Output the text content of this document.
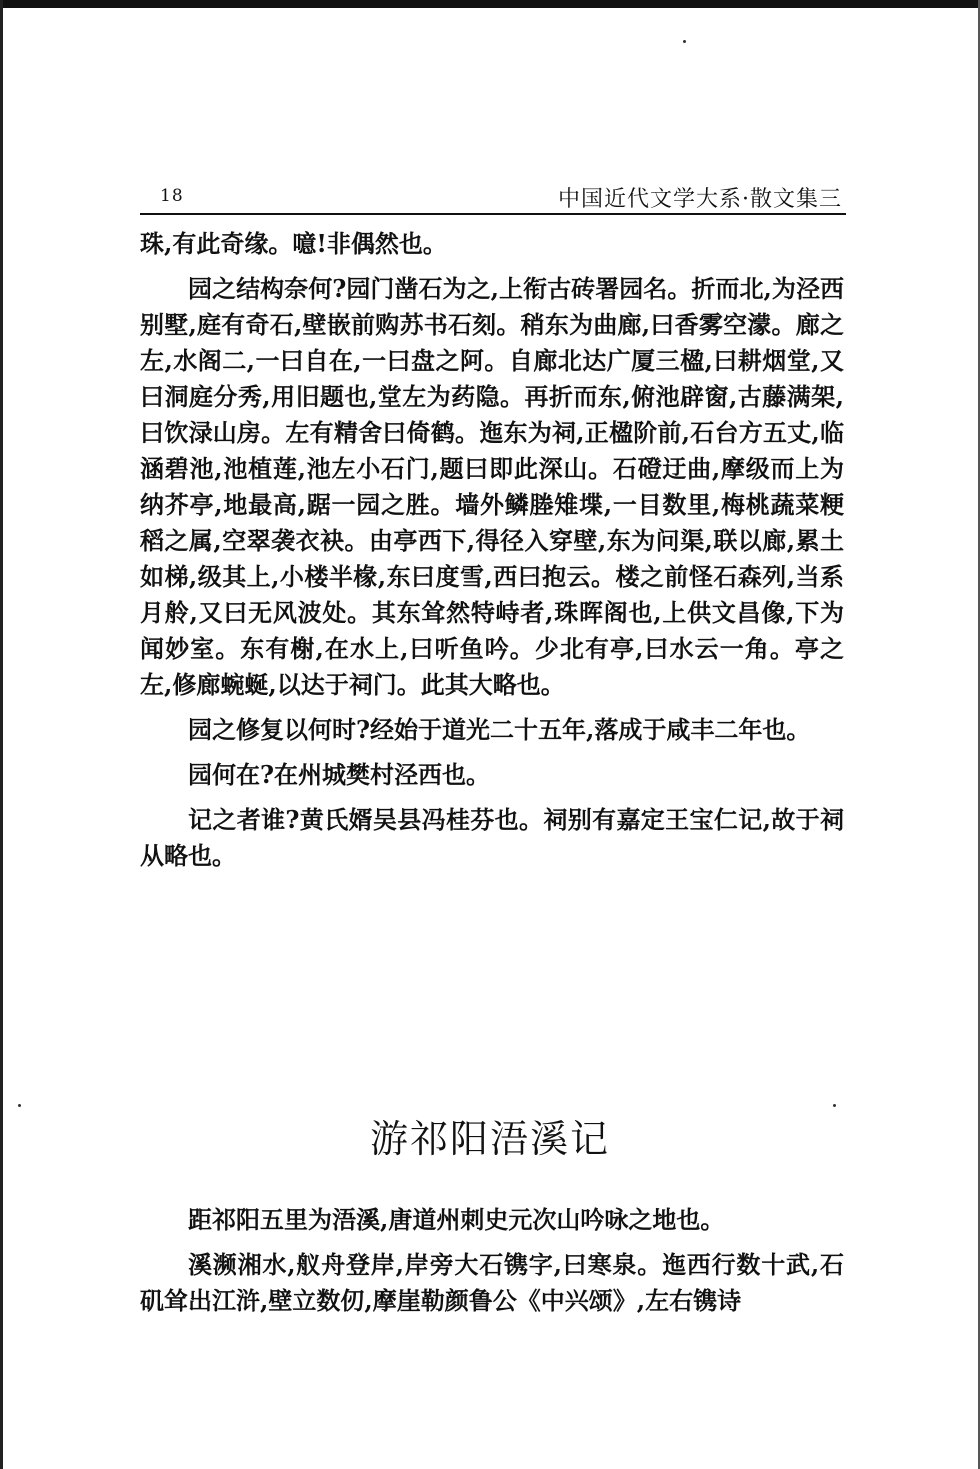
18	中国近代文学大系·散文集三

珠,有此奇缘。噫!非偶然也。

园之结构奈何?园门凿石为之,上衔古砖署园名。折而北,为泾西别墅,庭有奇石,壁嵌前购苏书石刻。稍东为曲廊,曰香雾空濛。廊之左,水阁二,一曰自在,一曰盘之阿。自廊北达广厦三楹,曰耕烟堂,又曰洞庭分秀,用旧题也,堂左为药隐。再折而东,俯池辟窗,古藤满架,曰饮渌山房。左有精舍曰倚鹤。迤东为祠,正楹阶前,石台方五丈,临涵碧池,池植莲,池左小石门,题曰即此深山。石磴迂曲,摩级而上为纳芥亭,地最高,踞一园之胜。墙外鳞塍雉堞,一目数里,梅桃蔬菜粳稻之属,空翠袭衣袂。由亭西下,得径入穿壁,东为问渠,联以廊,累土如梯,级其上,小楼半椽,东曰度雪,西曰抱云。楼之前怪石森列,当系月舲,又曰无风波处。其东耸然特峙者,珠晖阁也,上供文昌像,下为闻妙室。东有榭,在水上,曰听鱼吟。少北有亭,曰水云一角。亭之左,修廊蜿蜒,以达于祠门。此其大略也。

园之修复以何时?经始于道光二十五年,落成于咸丰二年也。

园何在?在州城樊村泾西也。

记之者谁?黄氏婿吴县冯桂芬也。祠别有嘉定王宝仁记,故于祠从略也。

游祁阳浯溪记

距祁阳五里为浯溪,唐道州刺史元次山吟咏之地也。

溪濒湘水,舣舟登岸,岸旁大石镌字,曰寒泉。迤西行数十武,石矶耸出江浒,壁立数仞,摩崖勒颜鲁公《中兴颂》,左右镌诗
